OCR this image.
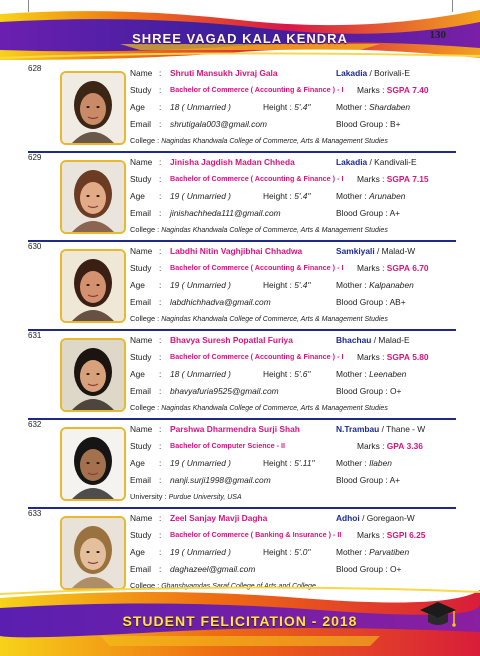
SHREE VAGAD KALA KENDRA	130
628	Name : Shruti Mansukh Jivraj Gala	Lakadia / Borivali-E
Study : Bachelor of Commerce ( Accounting & Finance ) - I Marks : SGPA 7.40
Age	: 18 ( Unmarried )	Height : 5'.4"	Mother : Shardaben
Email : shrutigala003@gmail.com	Blood Group : B+
College : Nagindas Khandwala College of Commerce, Arts & Management Studies
629	Name : Jinisha Jagdish Madan Chheda	Lakadia / Kandivali-E
Study : Bachelor of Commerce ( Accounting & Finance ) - I Marks : SGPA 7.15
Age	: 19 ( Unmarried )	Height : 5'.4"	Mother : Arunaben
Email : jinishachheda111@gmail.com	Blood Group : A+
College : Nagindas Khandwala College of Commerce, Arts & Management Studies
630	Name : Labdhi Nitin Vaghjibhai Chhadwa	Samkiyali / Malad-W
Study : Bachelor of Commerce ( Accounting & Finance ) - I Marks : SGPA 6.70
Age	: 19 ( Unmarried )	Height : 5'.4"	Mother : Kalpanaben
Email : labdhichhadva@gmail.com	Blood Group : AB+
College : Nagindas Khandwala College of Commerce, Arts & Management Studies
631	Name : Bhavya Suresh Popatlal Furiya	Bhachau / Malad-E
Study : Bachelor of Commerce ( Accounting & Finance ) - I Marks : SGPA 5.80
Age	: 18 ( Unmarried )	Height : 5'.6"	Mother : Leenaben
Email : bhavyafuria9525@gmail.com	Blood Group : O+
College : Nagindas Khandwala College of Commerce, Arts & Management Studies
632	Name : Parshwa Dharmendra Surji Shah	N.Trambau / Thane - W
Study : Bachelor of Computer Science - II	Marks : GPA 3.36
Age	: 19 ( Unmarried )	Height : 5'.11"	Mother : Ilaben
Email : nanji.surji1998@gmail.com	Blood Group : A+
University : Purdue University, USA
633	Name : Zeel Sanjay Mavji Dagha	Adhoi / Goregaon-W
Study : Bachelor of Commerce ( Banking & Insurance ) - II Marks : SGPI 6.25
Age	: 19 ( Unmarried )	Height : 5'.0"	Mother : Parvatiben
Email : daghazeel@gmail.com	Blood Group : O+
College : Ghanshyamdas Saraf College of Arts and College
STUDENT FELICITATION - 2018
